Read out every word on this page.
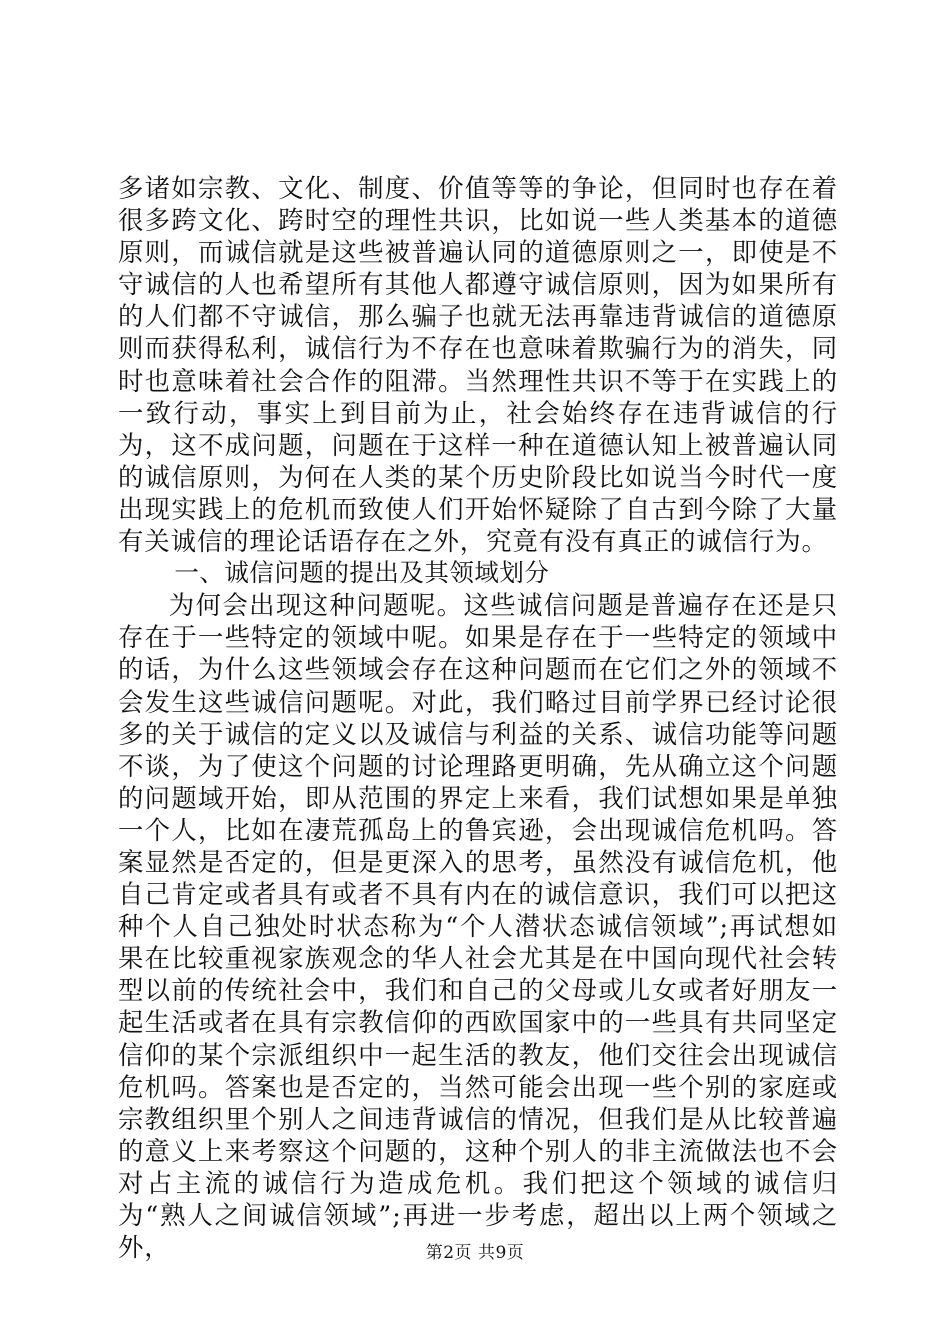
多诸如宗教、文化、制度、价值等等的争论，但同时也存在着很多跨文化、跨时空的理性共识，比如说一些人类基本的道德原则，而诚信就是这些被普遍认同的道德原则之一，即使是不守诚信的人也希望所有其他人都遵守诚信原则，因为如果所有的人们都不守诚信，那么骗子也就无法再靠违背诚信的道德原则而获得私利，诚信行为不存在也意味着欺骗行为的消失，同时也意味着社会合作的阻滞。当然理性共识不等于在实践上的一致行动，事实上到目前为止，社会始终存在违背诚信的行为，这不成问题，问题在于这样一种在道德认知上被普遍认同的诚信原则，为何在人类的某个历史阶段比如说当今时代一度出现实践上的危机而致使人们开始怀疑除了自古到今除了大量有关诚信的理论话语存在之外，究竟有没有真正的诚信行为。

一、诚信问题的提出及其领域划分

为何会出现这种问题呢。这些诚信问题是普遍存在还是只存在于一些特定的领域中呢。如果是存在于一些特定的领域中的话，为什么这些领域会存在这种问题而在它们之外的领域不会发生这些诚信问题呢。对此，我们略过目前学界已经讨论很多的关于诚信的定义以及诚信与利益的关系、诚信功能等问题不谈，为了使这个问题的讨论理路更明确，先从确立这个问题的问题域开始，即从范围的界定上来看，我们试想如果是单独一个人，比如在凄荒孤岛上的鲁宾逊，会出现诚信危机吗。答案显然是否定的，但是更深入的思考，虽然没有诚信危机，他自己肯定或者具有或者不具有内在的诚信意识，我们可以把这种个人自己独处时状态称为“个人潜状态诚信领域”;再试想如果在比较重视家族观念的华人社会尤其是在中国向现代社会转型以前的传统社会中，我们和自己的父母或儿女或者好朋友一起生活或者在具有宗教信仰的西欧国家中的一些具有共同坚定信仰的某个宗派组织中一起生活的教友，他们交往会出现诚信危机吗。答案也是否定的，当然可能会出现一些个别的家庭或宗教组织里个别人之间违背诚信的情况，但我们是从比较普遍的意义上来考察这个问题的，这种个别人的非主流做法也不会对占主流的诚信行为造成危机。我们把这个领域的诚信归为“熟人之间诚信领域”;再进一步考虑，超出以上两个领域之外，	第2页 共9页
